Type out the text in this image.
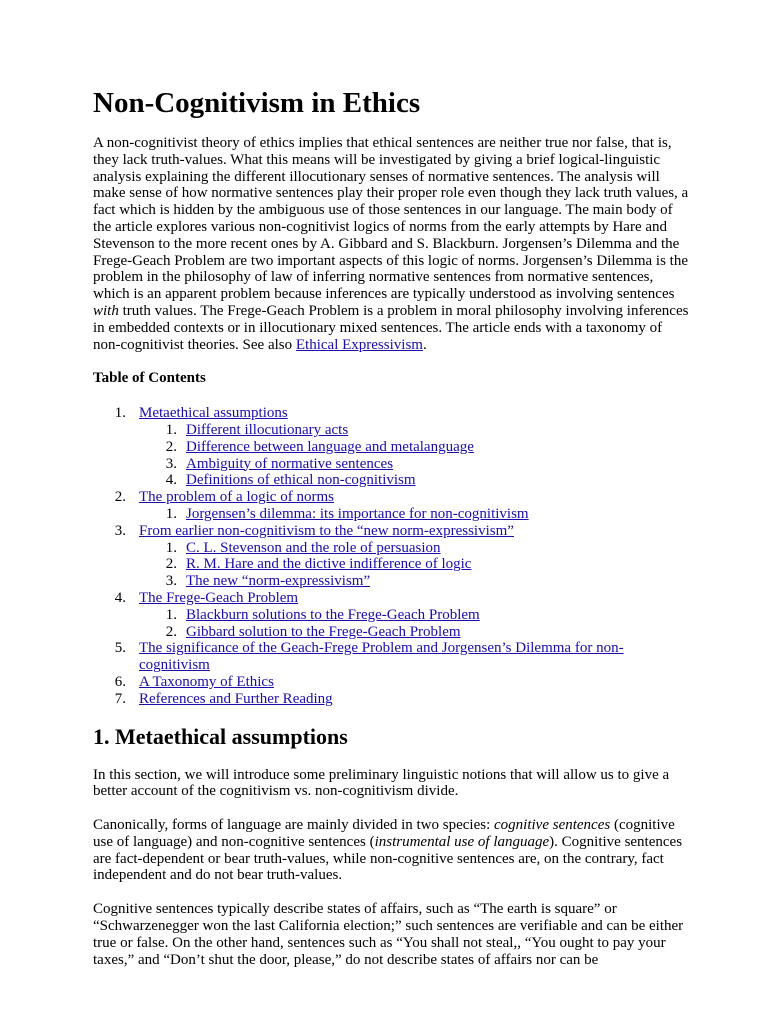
Non-Cognitivism in Ethics

A non-cognitivist theory of ethics implies that ethical sentences are neither true nor false, that is, they lack truth-values. What this means will be investigated by giving a brief logical-linguistic analysis explaining the different illocutionary senses of normative sentences. The analysis will make sense of how normative sentences play their proper role even though they lack truth values, a fact which is hidden by the ambiguous use of those sentences in our language. The main body of the article explores various non-cognitivist logics of norms from the early attempts by Hare and Stevenson to the more recent ones by A. Gibbard and S. Blackburn. Jorgensen’s Dilemma and the Frege-Geach Problem are two important aspects of this logic of norms. Jorgensen’s Dilemma is the problem in the philosophy of law of inferring normative sentences from normative sentences, which is an apparent problem because inferences are typically understood as involving sentences with truth values. The Frege-Geach Problem is a problem in moral philosophy involving inferences in embedded contexts or in illocutionary mixed sentences. The article ends with a taxonomy of non-cognitivist theories. See also Ethical Expressivism.

Table of Contents

1. Metaethical assumptions
1. Different illocutionary acts
2. Difference between language and metalanguage
3. Ambiguity of normative sentences
4. Definitions of ethical non-cognitivism
2. The problem of a logic of norms
1. Jorgensen’s dilemma: its importance for non-cognitivism
3. From earlier non-cognitivism to the “new norm-expressivism”
1. C. L. Stevenson and the role of persuasion
2. R. M. Hare and the dictive indifference of logic
3. The new “norm-expressivism”
4. The Frege-Geach Problem
1. Blackburn solutions to the Frege-Geach Problem
2. Gibbard solution to the Frege-Geach Problem
5. The significance of the Geach-Frege Problem and Jorgensen’s Dilemma for non-cognitivism
6. A Taxonomy of Ethics
7. References and Further Reading
1. Metaethical assumptions

In this section, we will introduce some preliminary linguistic notions that will allow us to give a better account of the cognitivism vs. non-cognitivism divide.

Canonically, forms of language are mainly divided in two species: cognitive sentences (cognitive use of language) and non-cognitive sentences (instrumental use of language). Cognitive sentences are fact-dependent or bear truth-values, while non-cognitive sentences are, on the contrary, fact independent and do not bear truth-values.

Cognitive sentences typically describe states of affairs, such as “The earth is square” or “Schwarzenegger won the last California election;” such sentences are verifiable and can be either true or false. On the other hand, sentences such as “You shall not steal,, “You ought to pay your taxes,” and “Don’t shut the door, please,” do not describe states of affairs nor can be
